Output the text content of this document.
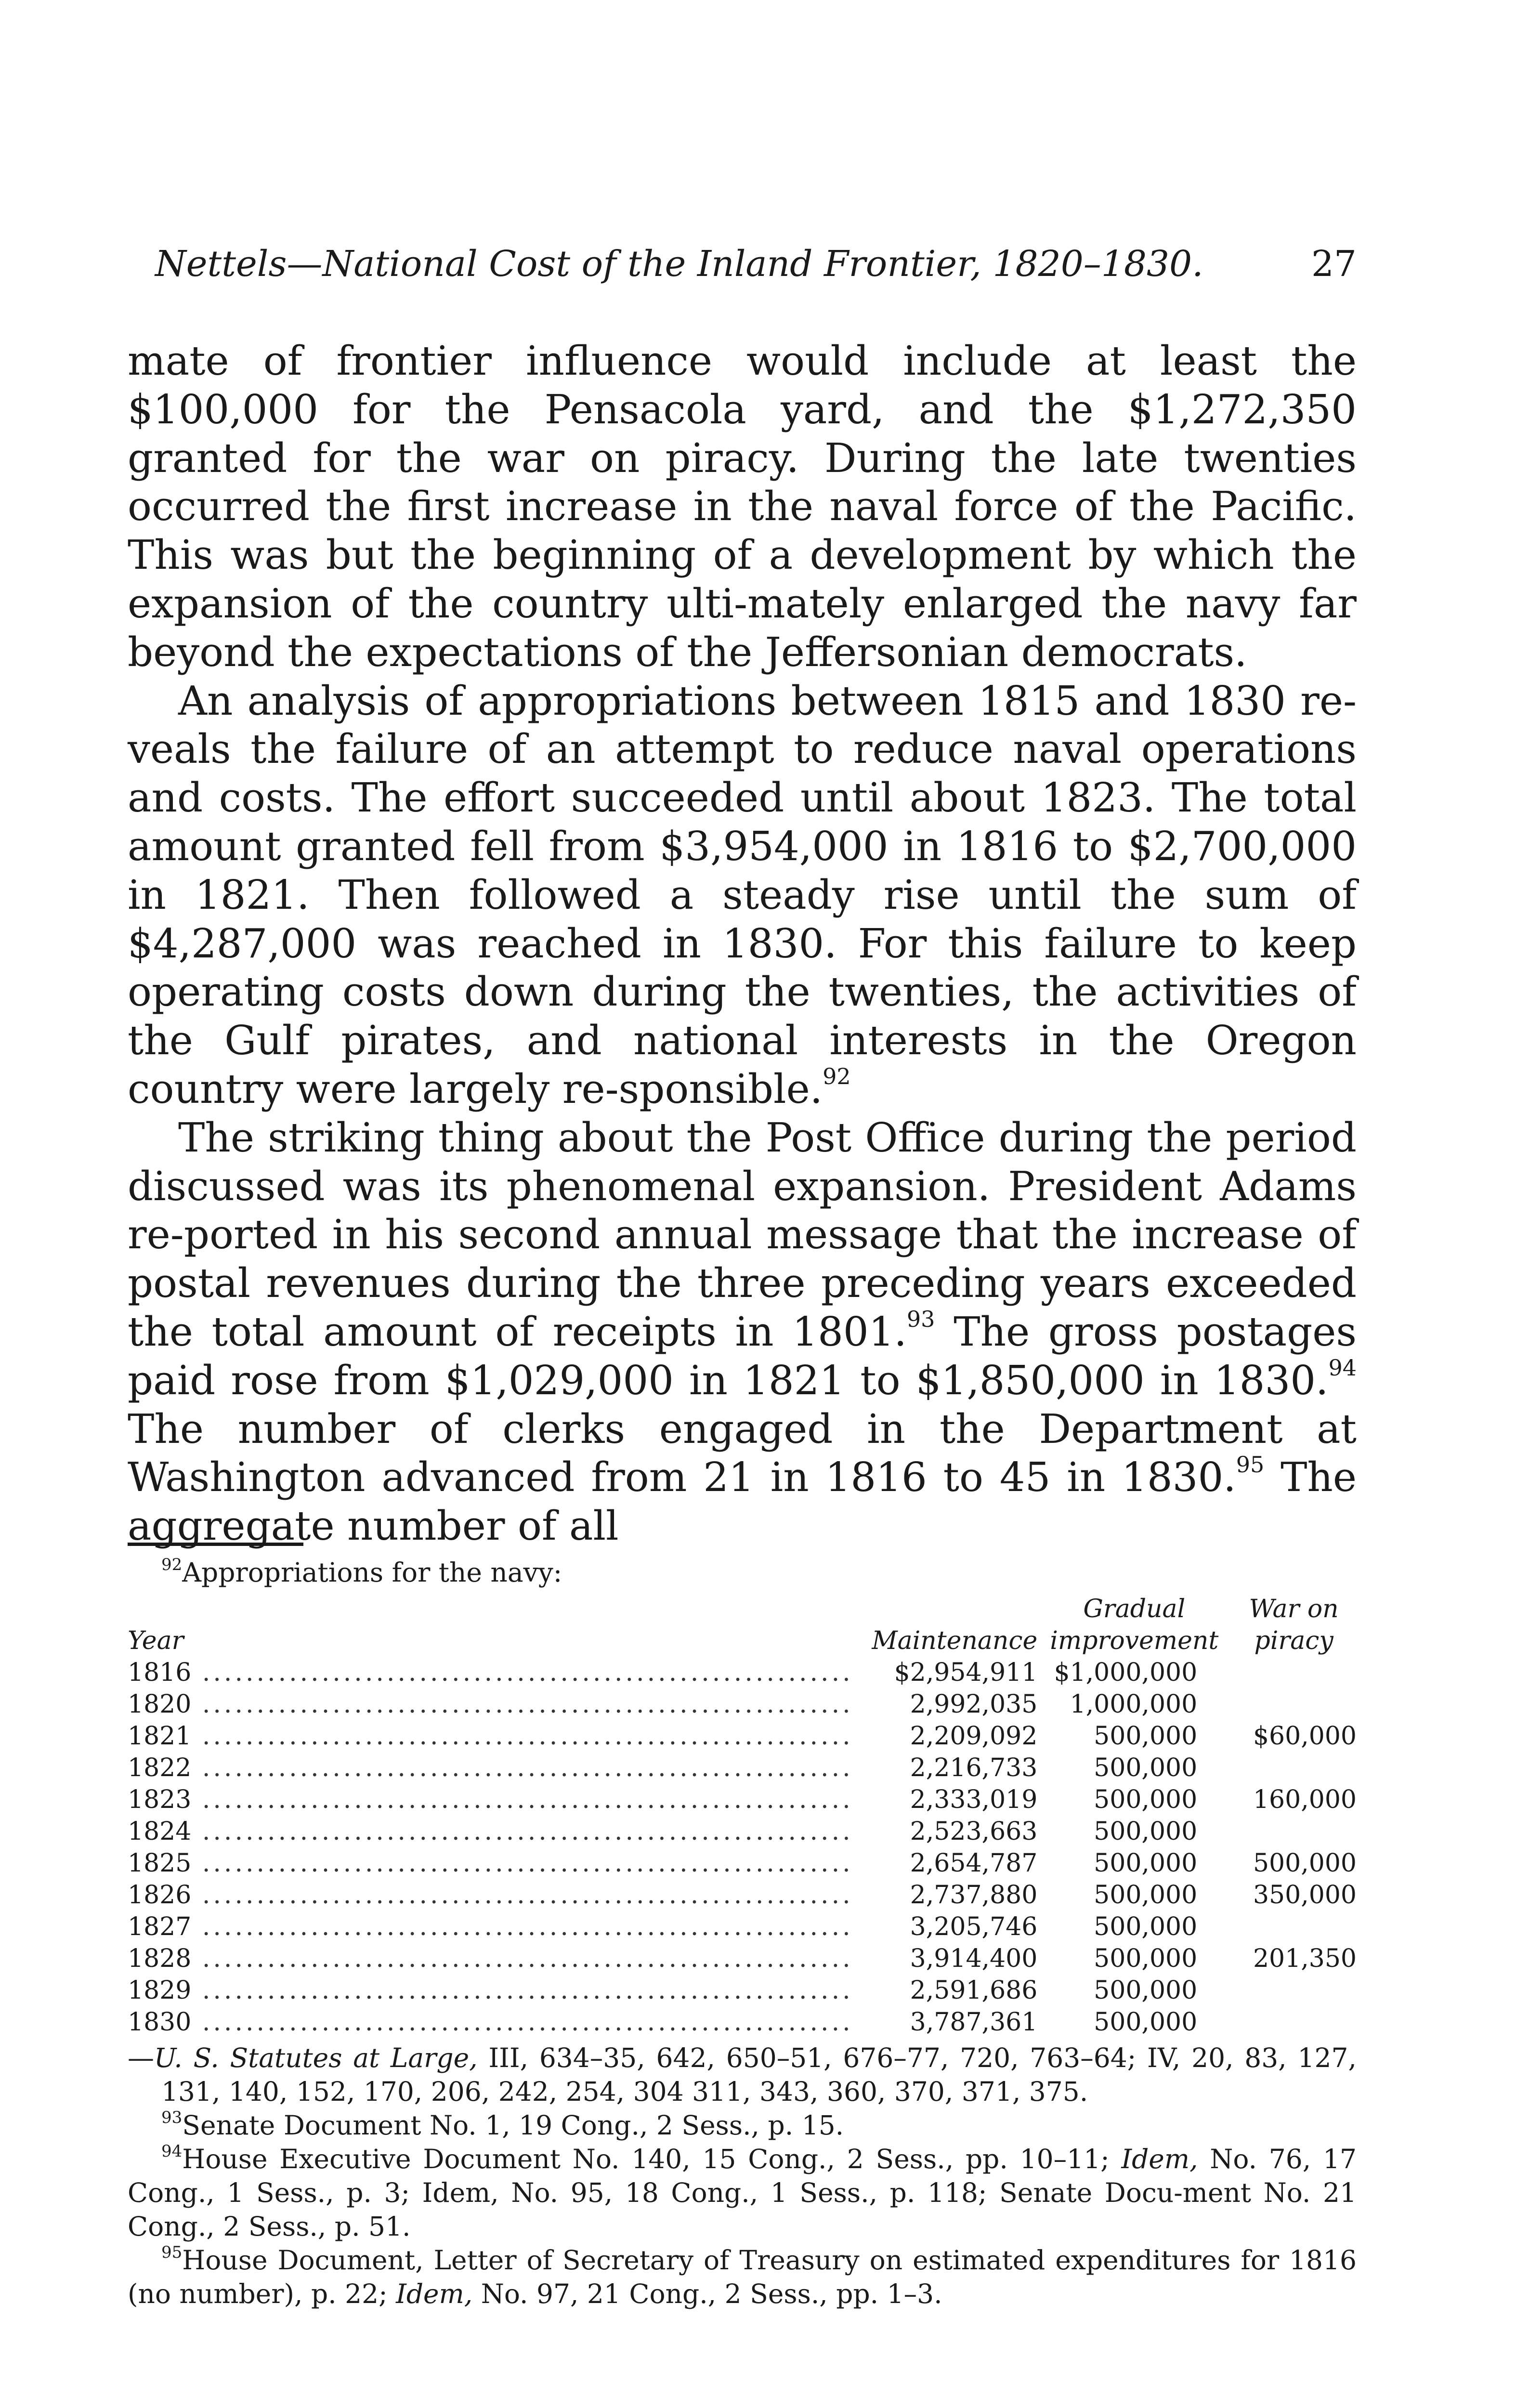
Nettels—National Cost of the Inland Frontier, 1820–1830.	27

mate of frontier influence would include at least the $100,000 for the Pensacola yard, and the $1,272,350 granted for the war on piracy. During the late twenties occurred the first increase in the naval force of the Pacific. This was but the beginning of a development by which the expansion of the country ulti-mately enlarged the navy far beyond the expectations of the Jeffersonian democrats.

An analysis of appropriations between 1815 and 1830 re-veals the failure of an attempt to reduce naval operations and costs. The effort succeeded until about 1823. The total amount granted fell from $3,954,000 in 1816 to $2,700,000 in 1821. Then followed a steady rise until the sum of $4,287,000 was reached in 1830. For this failure to keep operating costs down during the twenties, the activities of the Gulf pirates, and national interests in the Oregon country were largely re-sponsible.$^{92}$

The striking thing about the Post Office during the period discussed was its phenomenal expansion. President Adams re-ported in his second annual message that the increase of postal revenues during the three preceding years exceeded the total amount of receipts in 1801.93 The gross postages paid rose from $1,029,000 in 1821 to $1,850,000 in 1830.94 The number of clerks engaged in the Department at Washington advanced from 21 in 1816 to 45 in 1830.95 The aggregate number of all

$^{92}$Appropriations for the navy:

		Gradual	War on
Year	Maintenance	improvement	piracy
1816 ............................................................	$2,954,911	$1,000,000	
1820 ............................................................	2,992,035	1,000,000	
1821 ............................................................	2,209,092	500,000	$60,000
1822 ............................................................	2,216,733	500,000	
1823 ............................................................	2,333,019	500,000	160,000
1824 ............................................................	2,523,663	500,000	
1825 ............................................................	2,654,787	500,000	500,000
1826 ............................................................	2,737,880	500,000	350,000
1827 ............................................................	3,205,746	500,000	
1828 ............................................................	3,914,400	500,000	201,350
1829 ............................................................	2,591,686	500,000	
1830 ............................................................	3,787,361	500,000	

—U. S. Statutes at Large, III, 634–35, 642, 650–51, 676–77, 720, 763–64; IV, 20, 83, 127, 131, 140, 152, 170, 206, 242, 254, 304 311, 343, 360, 370, 371, 375.

$^{93}$Senate Document No. 1, 19 Cong., 2 Sess., p. 15.

$^{94}$House Executive Document No. 140, 15 Cong., 2 Sess., pp. 10–11; Idem, No. 76, 17 Cong., 1 Sess., p. 3; Idem, No. 95, 18 Cong., 1 Sess., p. 118; Senate Docu-ment No. 21 Cong., 2 Sess., p. 51.

$^{95}$House Document, Letter of Secretary of Treasury on estimated expenditures for 1816 (no number), p. 22; Idem, No. 97, 21 Cong., 2 Sess., pp. 1–3.
